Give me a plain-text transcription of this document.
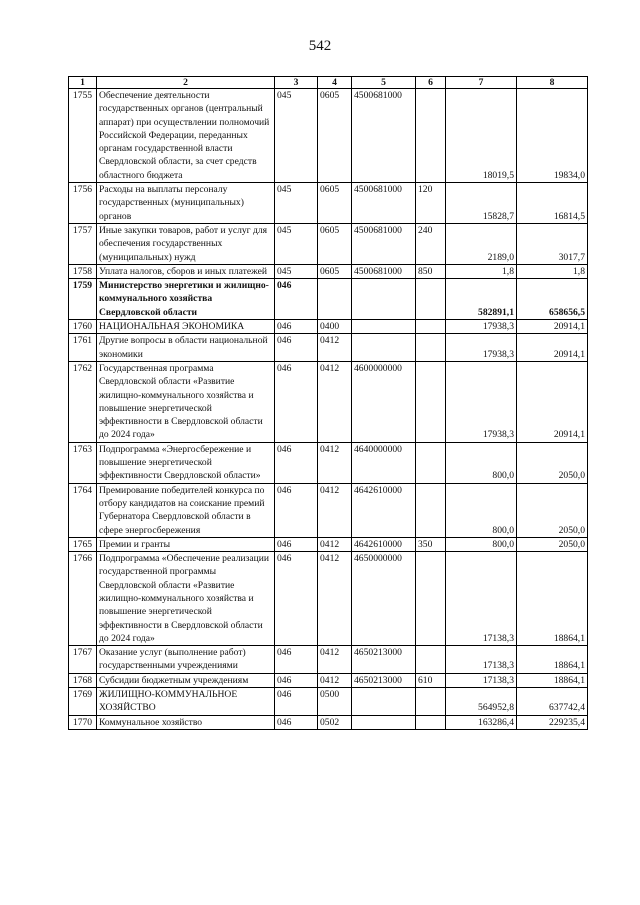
542
1	2	3	4	5	6	7	8
1755	Обеспечение деятельности государственных органов (центральный аппарат) при осуществлении полномочий Российской Федерации, переданных органам государственной власти Свердловской области, за счет средств областного бюджета	045	0605	4500681000		18019,5	19834,0
1756	Расходы на выплаты персоналу государственных (муниципальных) органов	045	0605	4500681000	120	15828,7	16814,5
1757	Иные закупки товаров, работ и услуг для обеспечения государственных (муниципальных) нужд	045	0605	4500681000	240	2189,0	3017,7
1758	Уплата налогов, сборов и иных платежей	045	0605	4500681000	850	1,8	1,8
1759	Министерство энергетики и жилищно-коммунального хозяйства Свердловской области	046				582891,1	658656,5
1760	НАЦИОНАЛЬНАЯ ЭКОНОМИКА	046	0400			17938,3	20914,1
1761	Другие вопросы в области национальной экономики	046	0412			17938,3	20914,1
1762	Государственная программа Свердловской области «Развитие жилищно-коммунального хозяйства и повышение энергетической эффективности в Свердловской области до 2024 года»	046	0412	4600000000		17938,3	20914,1
1763	Подпрограмма «Энергосбережение и повышение энергетической эффективности Свердловской области»	046	0412	4640000000		800,0	2050,0
1764	Премирование победителей конкурса по отбору кандидатов на соискание премий Губернатора Свердловской области в сфере энергосбережения	046	0412	4642610000		800,0	2050,0
1765	Премии и гранты	046	0412	4642610000	350	800,0	2050,0
1766	Подпрограмма «Обеспечение реализации государственной программы Свердловской области «Развитие жилищно-коммунального хозяйства и повышение энергетической эффективности в Свердловской области до 2024 года»	046	0412	4650000000		17138,3	18864,1
1767	Оказание услуг (выполнение работ) государственными учреждениями	046	0412	4650213000		17138,3	18864,1
1768	Субсидии бюджетным учреждениям	046	0412	4650213000	610	17138,3	18864,1
1769	ЖИЛИЩНО-КОММУНАЛЬНОЕ ХОЗЯЙСТВО	046	0500			564952,8	637742,4
1770	Коммунальное хозяйство	046	0502			163286,4	229235,4
